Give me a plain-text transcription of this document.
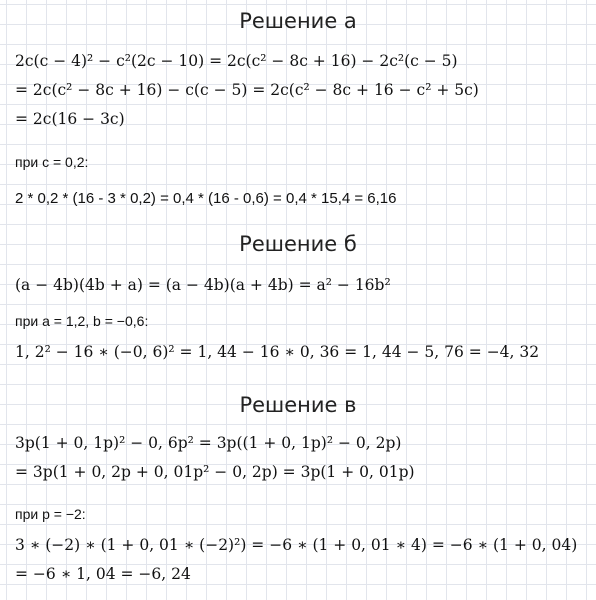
Решение а
2c(c − 4)² − c²(2c − 10) = 2c(c² − 8c + 16) − 2c²(c − 5)
= 2c(c² − 8c + 16) − c(c − 5) = 2c(c² − 8c + 16 − c² + 5c)
= 2c(16 − 3c)
при c = 0,2:
2 * 0,2 * (16 - 3 * 0,2) = 0,4 * (16 - 0,6) = 0,4 * 15,4 = 6,16
Решение б
(a − 4b)(4b + a) = (a − 4b)(a + 4b) = a² − 16b²
при a = 1,2, b = −0,6:
1, 2² − 16 ∗ (−0, 6)² = 1, 44 − 16 ∗ 0, 36 = 1, 44 − 5, 76 = −4, 32
Решение в
3p(1 + 0, 1p)² − 0, 6p² = 3p((1 + 0, 1p)² − 0, 2p)
= 3p(1 + 0, 2p + 0, 01p² − 0, 2p) = 3p(1 + 0, 01p)
при p = −2:
3 ∗ (−2) ∗ (1 + 0, 01 ∗ (−2)²) = −6 ∗ (1 + 0, 01 ∗ 4) = −6 ∗ (1 + 0, 04)
= −6 ∗ 1, 04 = −6, 24
